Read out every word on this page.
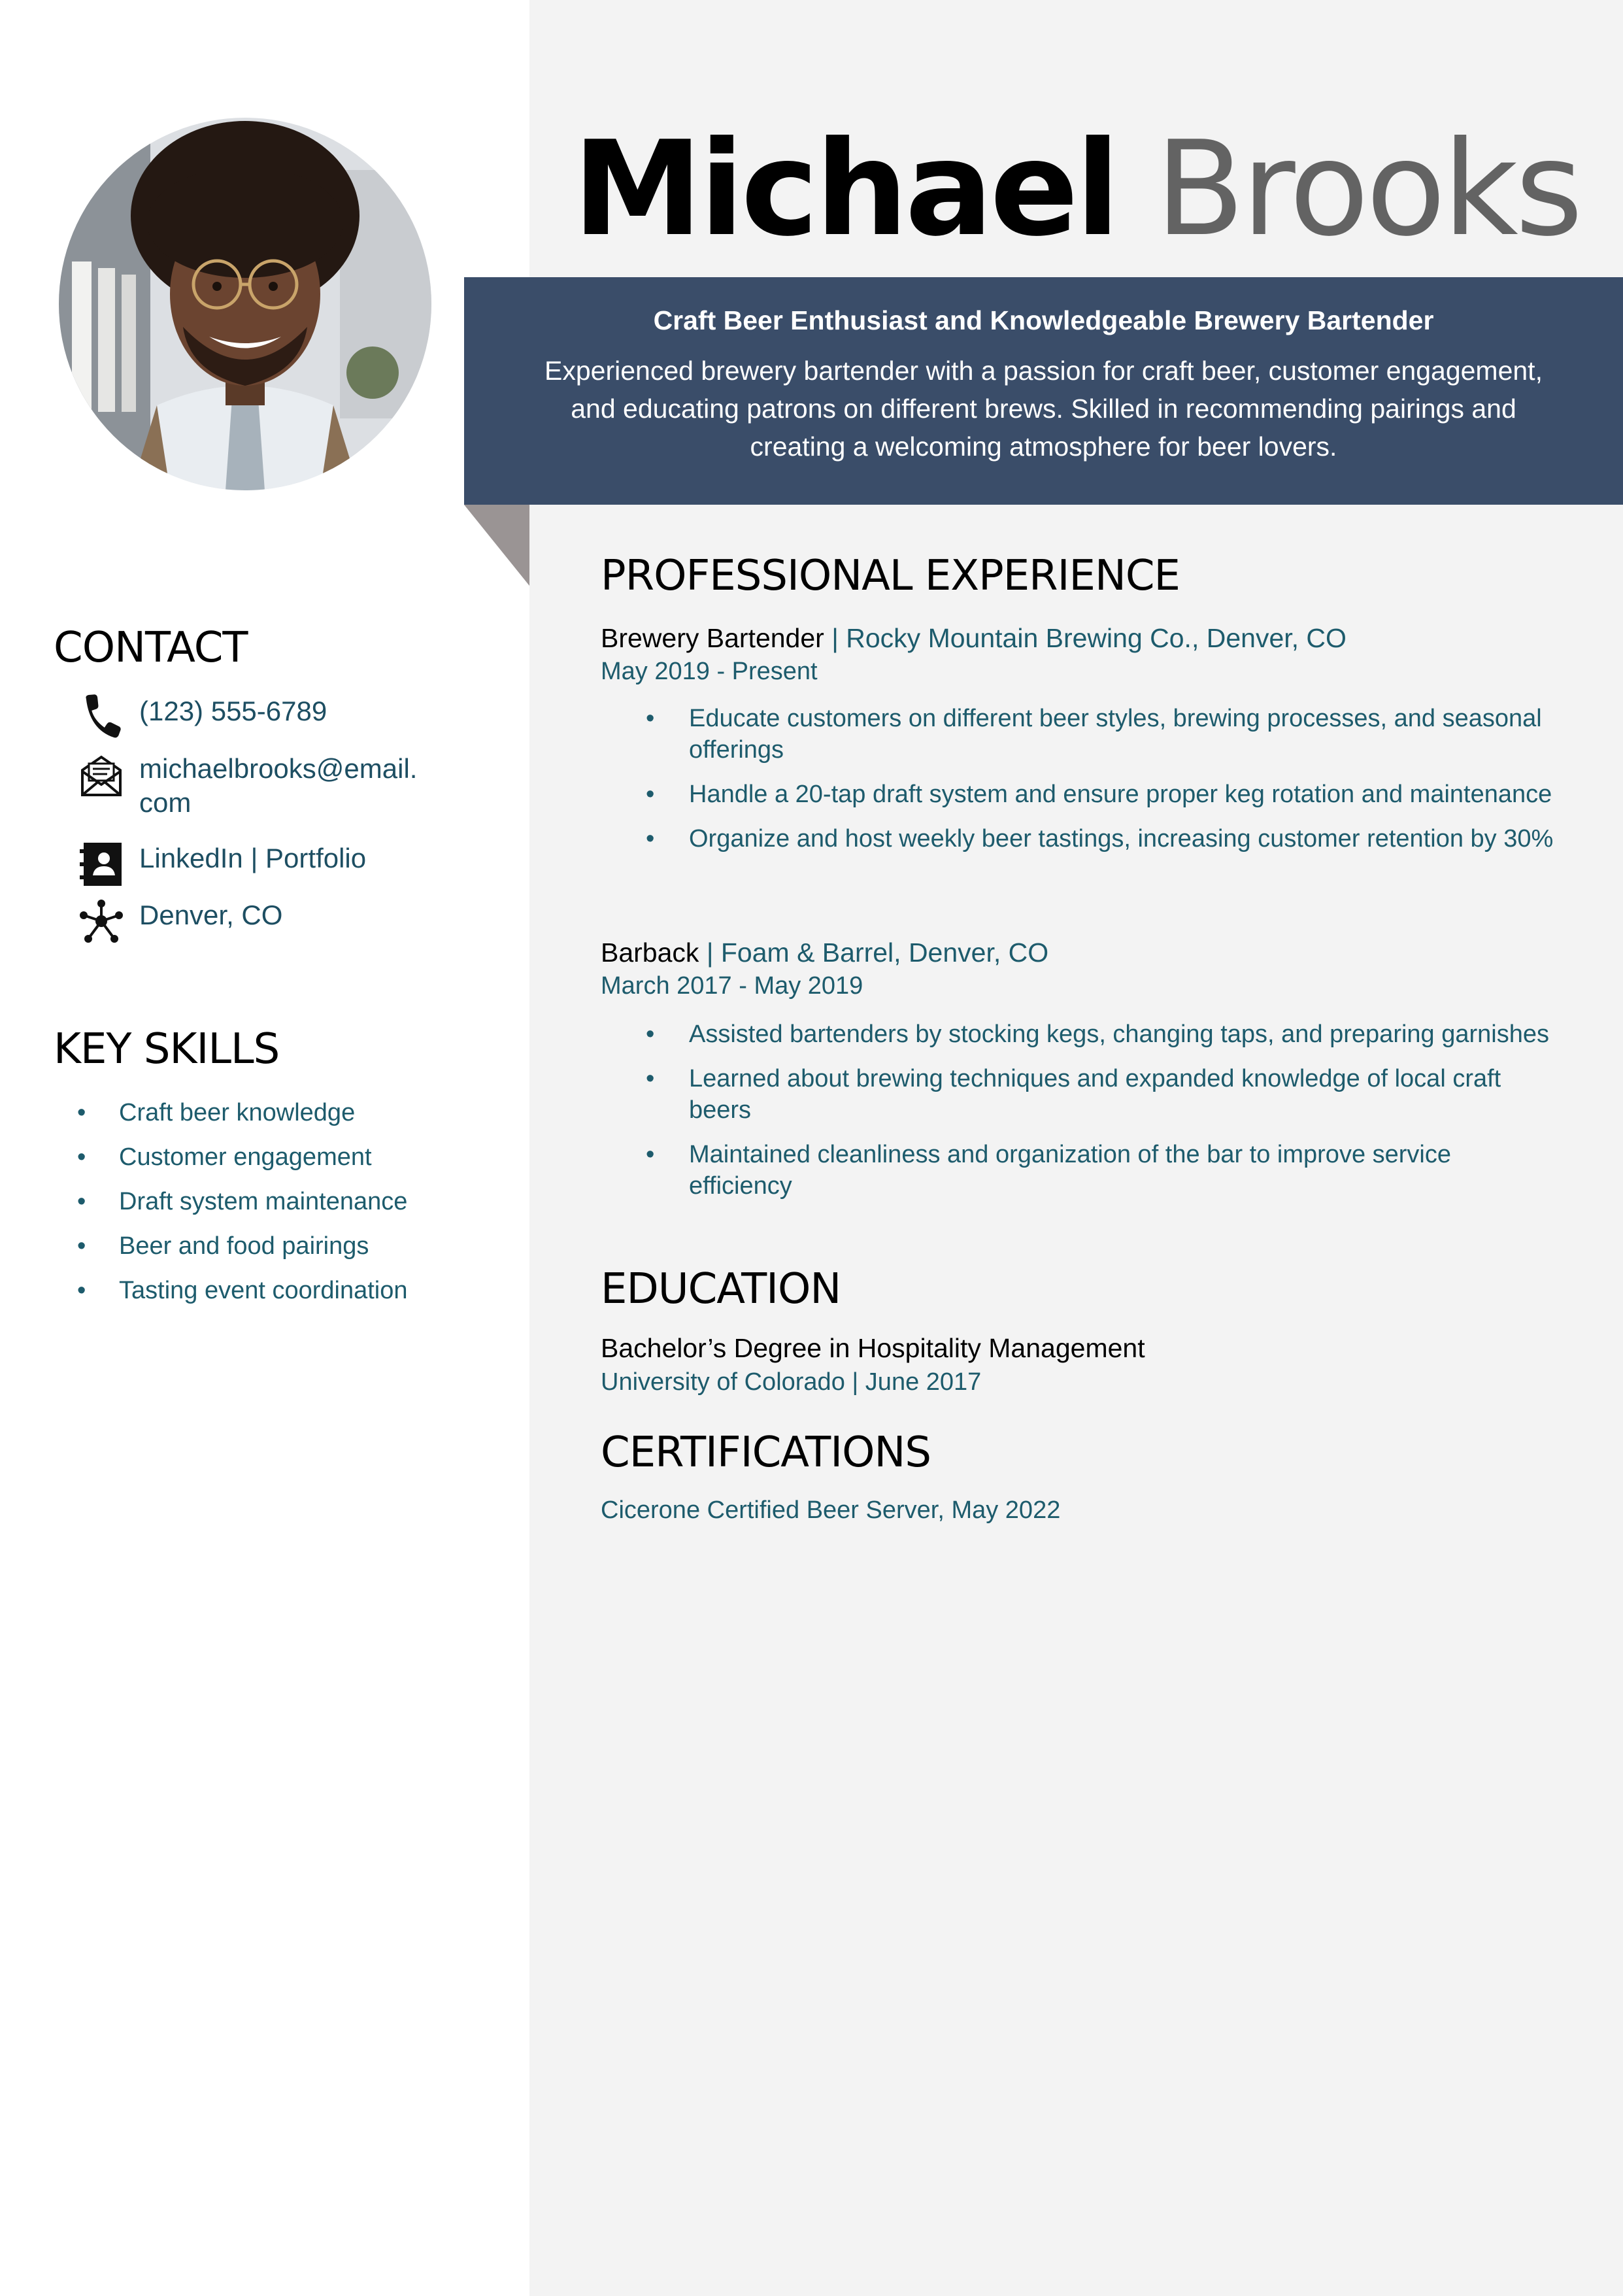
Michael Brooks
Craft Beer Enthusiast and Knowledgeable Brewery Bartender
Experienced brewery bartender with a passion for craft beer, customer engagement, and educating patrons on different brews. Skilled in recommending pairings and creating a welcoming atmosphere for beer lovers.
CONTACT
(123) 555-6789
michaelbrooks@email.
com
LinkedIn | Portfolio
Denver, CO
KEY SKILLS
• Craft beer knowledge
• Customer engagement
• Draft system maintenance
• Beer and food pairings
• Tasting event coordination
PROFESSIONAL EXPERIENCE
Brewery Bartender | Rocky Mountain Brewing Co., Denver, CO
May 2019 - Present
• Educate customers on different beer styles, brewing processes, and seasonal offerings
• Handle a 20-tap draft system and ensure proper keg rotation and maintenance
• Organize and host weekly beer tastings, increasing customer retention by 30%
Barback | Foam & Barrel, Denver, CO
March 2017 - May 2019
• Assisted bartenders by stocking kegs, changing taps, and preparing garnishes
• Learned about brewing techniques and expanded knowledge of local craft beers
• Maintained cleanliness and organization of the bar to improve service efficiency
EDUCATION
Bachelor’s Degree in Hospitality Management
University of Colorado | June 2017
CERTIFICATIONS
Cicerone Certified Beer Server, May 2022
